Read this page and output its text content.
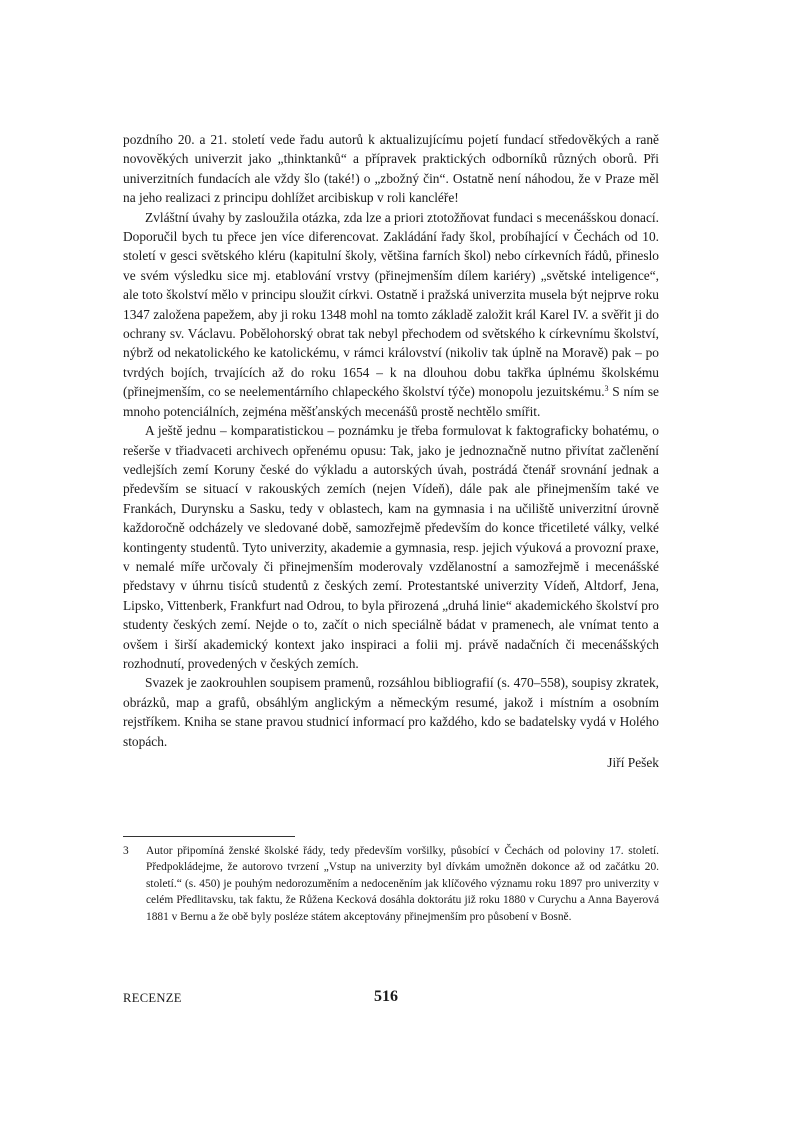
pozdního 20. a 21. století vede řadu autorů k aktualizujícímu pojetí fundací středověkých a raně novověkých univerzit jako „thinktanků“ a přípravek praktických odborníků různých oborů. Při univerzitních fundacích ale vždy šlo (také!) o „zbožný čin“. Ostatně není náhodou, že v Praze měl na jeho realizaci z principu dohlížet arcibiskup v roli kancléře!

Zvláštní úvahy by zasloužila otázka, zda lze a priori ztotožňovat fundaci s mecenášskou donací. Doporučil bych tu přece jen více diferencovat. Zakládání řady škol, probíhající v Čechách od 10. století v gesci světského kléru (kapitulní školy, většina farních škol) nebo církevních řádů, přineslo ve svém výsledku sice mj. etablování vrstvy (přinejmenším dílem kariéry) „světské inteligence“, ale toto školství mělo v principu sloužit církvi. Ostatně i pražská univerzita musela být nejprve roku 1347 založena papežem, aby ji roku 1348 mohl na tomto základě založit král Karel IV. a svěřit ji do ochrany sv. Václavu. Pobělohorský obrat tak nebyl přechodem od světského k církevnímu školství, nýbrž od nekatolického ke katolickému, v rámci království (nikoliv tak úplně na Moravě) pak – po tvrdých bojích, trvajících až do roku 1654 – k na dlouhou dobu takřka úplnému školskému (přinejmenším, co se neelementárního chlapeckého školství týče) monopolu jezuitskému.$^3$ S ním se mnoho potenciálních, zejména měšťanských mecenášů prostě nechtělo smířit.

A ještě jednu – komparatistickou – poznámku je třeba formulovat k faktograficky bohatému, o rešerše v třiadvaceti archivech opřenému opusu: Tak, jako je jednoznačně nutno přivítat začlenění vedlejších zemí Koruny české do výkladu a autorských úvah, postrádá čtenář srovnání jednak a především se situací v rakouských zemích (nejen Vídeň), dále pak ale přinejmenším také ve Frankách, Durynsku a Sasku, tedy v oblastech, kam na gymnasia i na učiliště univerzitní úrovně každoročně odcházely ve sledované době, samozřejmě především do konce třicetileté války, velké kontingenty studentů. Tyto univerzity, akademie a gymnasia, resp. jejich výuková a provozní praxe, v nemalé míře určovaly či přinejmenším moderovaly vzdělanostní a samozřejmě i mecenášské představy v úhrnu tisíců studentů z českých zemí. Protestantské univerzity Vídeň, Altdorf, Jena, Lipsko, Vittenberk, Frankfurt nad Odrou, to byla přirozená „druhá linie“ akademického školství pro studenty českých zemí. Nejde o to, začít o nich speciálně bádat v pramenech, ale vnímat tento a ovšem i širší akademický kontext jako inspiraci a folii mj. právě nadačních či mecenášských rozhodnutí, provedených v českých zemích.

Svazek je zaokrouhlen soupisem pramenů, rozsáhlou bibliografií (s. 470–558), soupisy zkratek, obrázků, map a grafů, obsáhlým anglickým a německým resumé, jakož i místním a osobním rejstříkem. Kniha se stane pravou studnicí informací pro každého, kdo se badatelsky vydá v Holého stopách.

Jiří Pešek

3 Autor připomíná ženské školské řády, tedy především voršilky, působící v Čechách od poloviny 17. století. Předpokládejme, že autorovo tvrzení „Vstup na univerzity byl dívkám umožněn dokonce až od začátku 20. století.“ (s. 450) je pouhým nedorozuměním a nedoceněním jak klíčového významu roku 1897 pro univerzity v celém Předlitavsku, tak faktu, že Růžena Kecková dosáhla doktorátu již roku 1880 v Curychu a Anna Bayerová 1881 v Bernu a že obě byly posléze státem akceptovány přinejmenším pro působení v Bosně.
RECENZE	516
